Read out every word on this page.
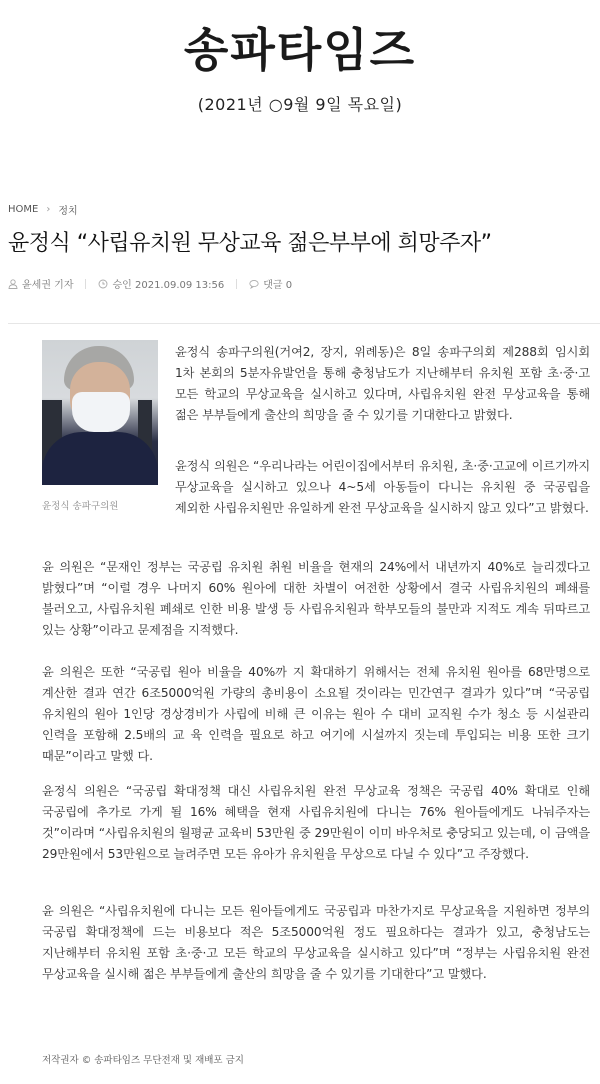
송파타임즈
(2021년 ○9월 9일 목요일)
HOME › 정치
윤정식 “사립유치원 무상교육 젊은부부에 희망주자”
윤세권 기자	승인 2021.09.09 13:56	댓글 0
윤정식 송파구의원

윤정식 송파구의원(거여2, 장지, 위례동)은 8일 송파구의회 제288회 임시회 1차 본회의 5분자유발언을 통해 충청남도가 지난해부터 유치원 포함 초·중·고 모든 학교의 무상교육을 실시하고 있다며, 사립유치원 완전 무상교육을 통해 젊은 부부들에게 출산의 희망을 줄 수 있기를 기대한다고 밝혔다.

윤정식 의원은 “우리나라는 어린이집에서부터 유치원, 초·중·고교에 이르기까지 무상교육을 실시하고 있으나 4~5세 아동들이 다니는 유치원 중 국공립을 제외한 사립유치원만 유일하게 완전 무상교육을 실시하지 않고 있다”고 밝혔다.

윤 의원은 “문재인 정부는 국공립 유치원 취원 비율을 현재의 24%에서 내년까지 40%로 늘리겠다고 밝혔다”며 “이럴 경우 나머지 60% 원아에 대한 차별이 여전한 상황에서 결국 사립유치원의 폐쇄를 불러오고, 사립유치원 폐쇄로 인한 비용 발생 등 사립유치원과 학부모들의 불만과 지적도 계속 뒤따르고 있는 상황”이라고 문제점을 지적했다.

윤 의원은 또한 “국공립 원아 비율을 40%까 지 확대하기 위해서는 전체 유치원 원아를 68만명으로 계산한 결과 연간 6조5000억원 가량의 총비용이 소요될 것이라는 민간연구 결과가 있다”며 “국공립 유치원의 원아 1인당 경상경비가 사립에 비해 큰 이유는 원아 수 대비 교직원 수가 청소 등 시설관리 인력을 포함해 2.5배의 교 육 인력을 필요로 하고 여기에 시설까지 짓는데 투입되는 비용 또한 크기 때문”이라고 말했 다.

윤정식 의원은 “국공립 확대정책 대신 사립유치원 완전 무상교육 정책은 국공립 40% 확대로 인해 국공립에 추가로 가게 될 16% 혜택을 현재 사립유치원에 다니는 76% 원아들에게도 나눠주자는 것”이라며 “사립유치원의 월평균 교육비 53만원 중 29만원이 이미 바우처로 충당되고 있는데, 이 금액을 29만원에서 53만원으로 늘려주면 모든 유아가 유치원을 무상으로 다닐 수 있다”고 주장했다.

윤 의원은 “사립유치원에 다니는 모든 원아들에게도 국공립과 마찬가지로 무상교육을 지원하면 정부의 국공립 확대정책에 드는 비용보다 적은 5조5000억원 정도 필요하다는 결과가 있고, 충청남도는 지난해부터 유치원 포함 초·중·고 모든 학교의 무상교육을 실시하고 있다”며 “정부는 사립유치원 완전 무상교육을 실시해 젊은 부부들에게 출산의 희망을 줄 수 있기를 기대한다”고 말했다.

저작권자 © 송파타임즈 무단전재 및 재배포 금지
